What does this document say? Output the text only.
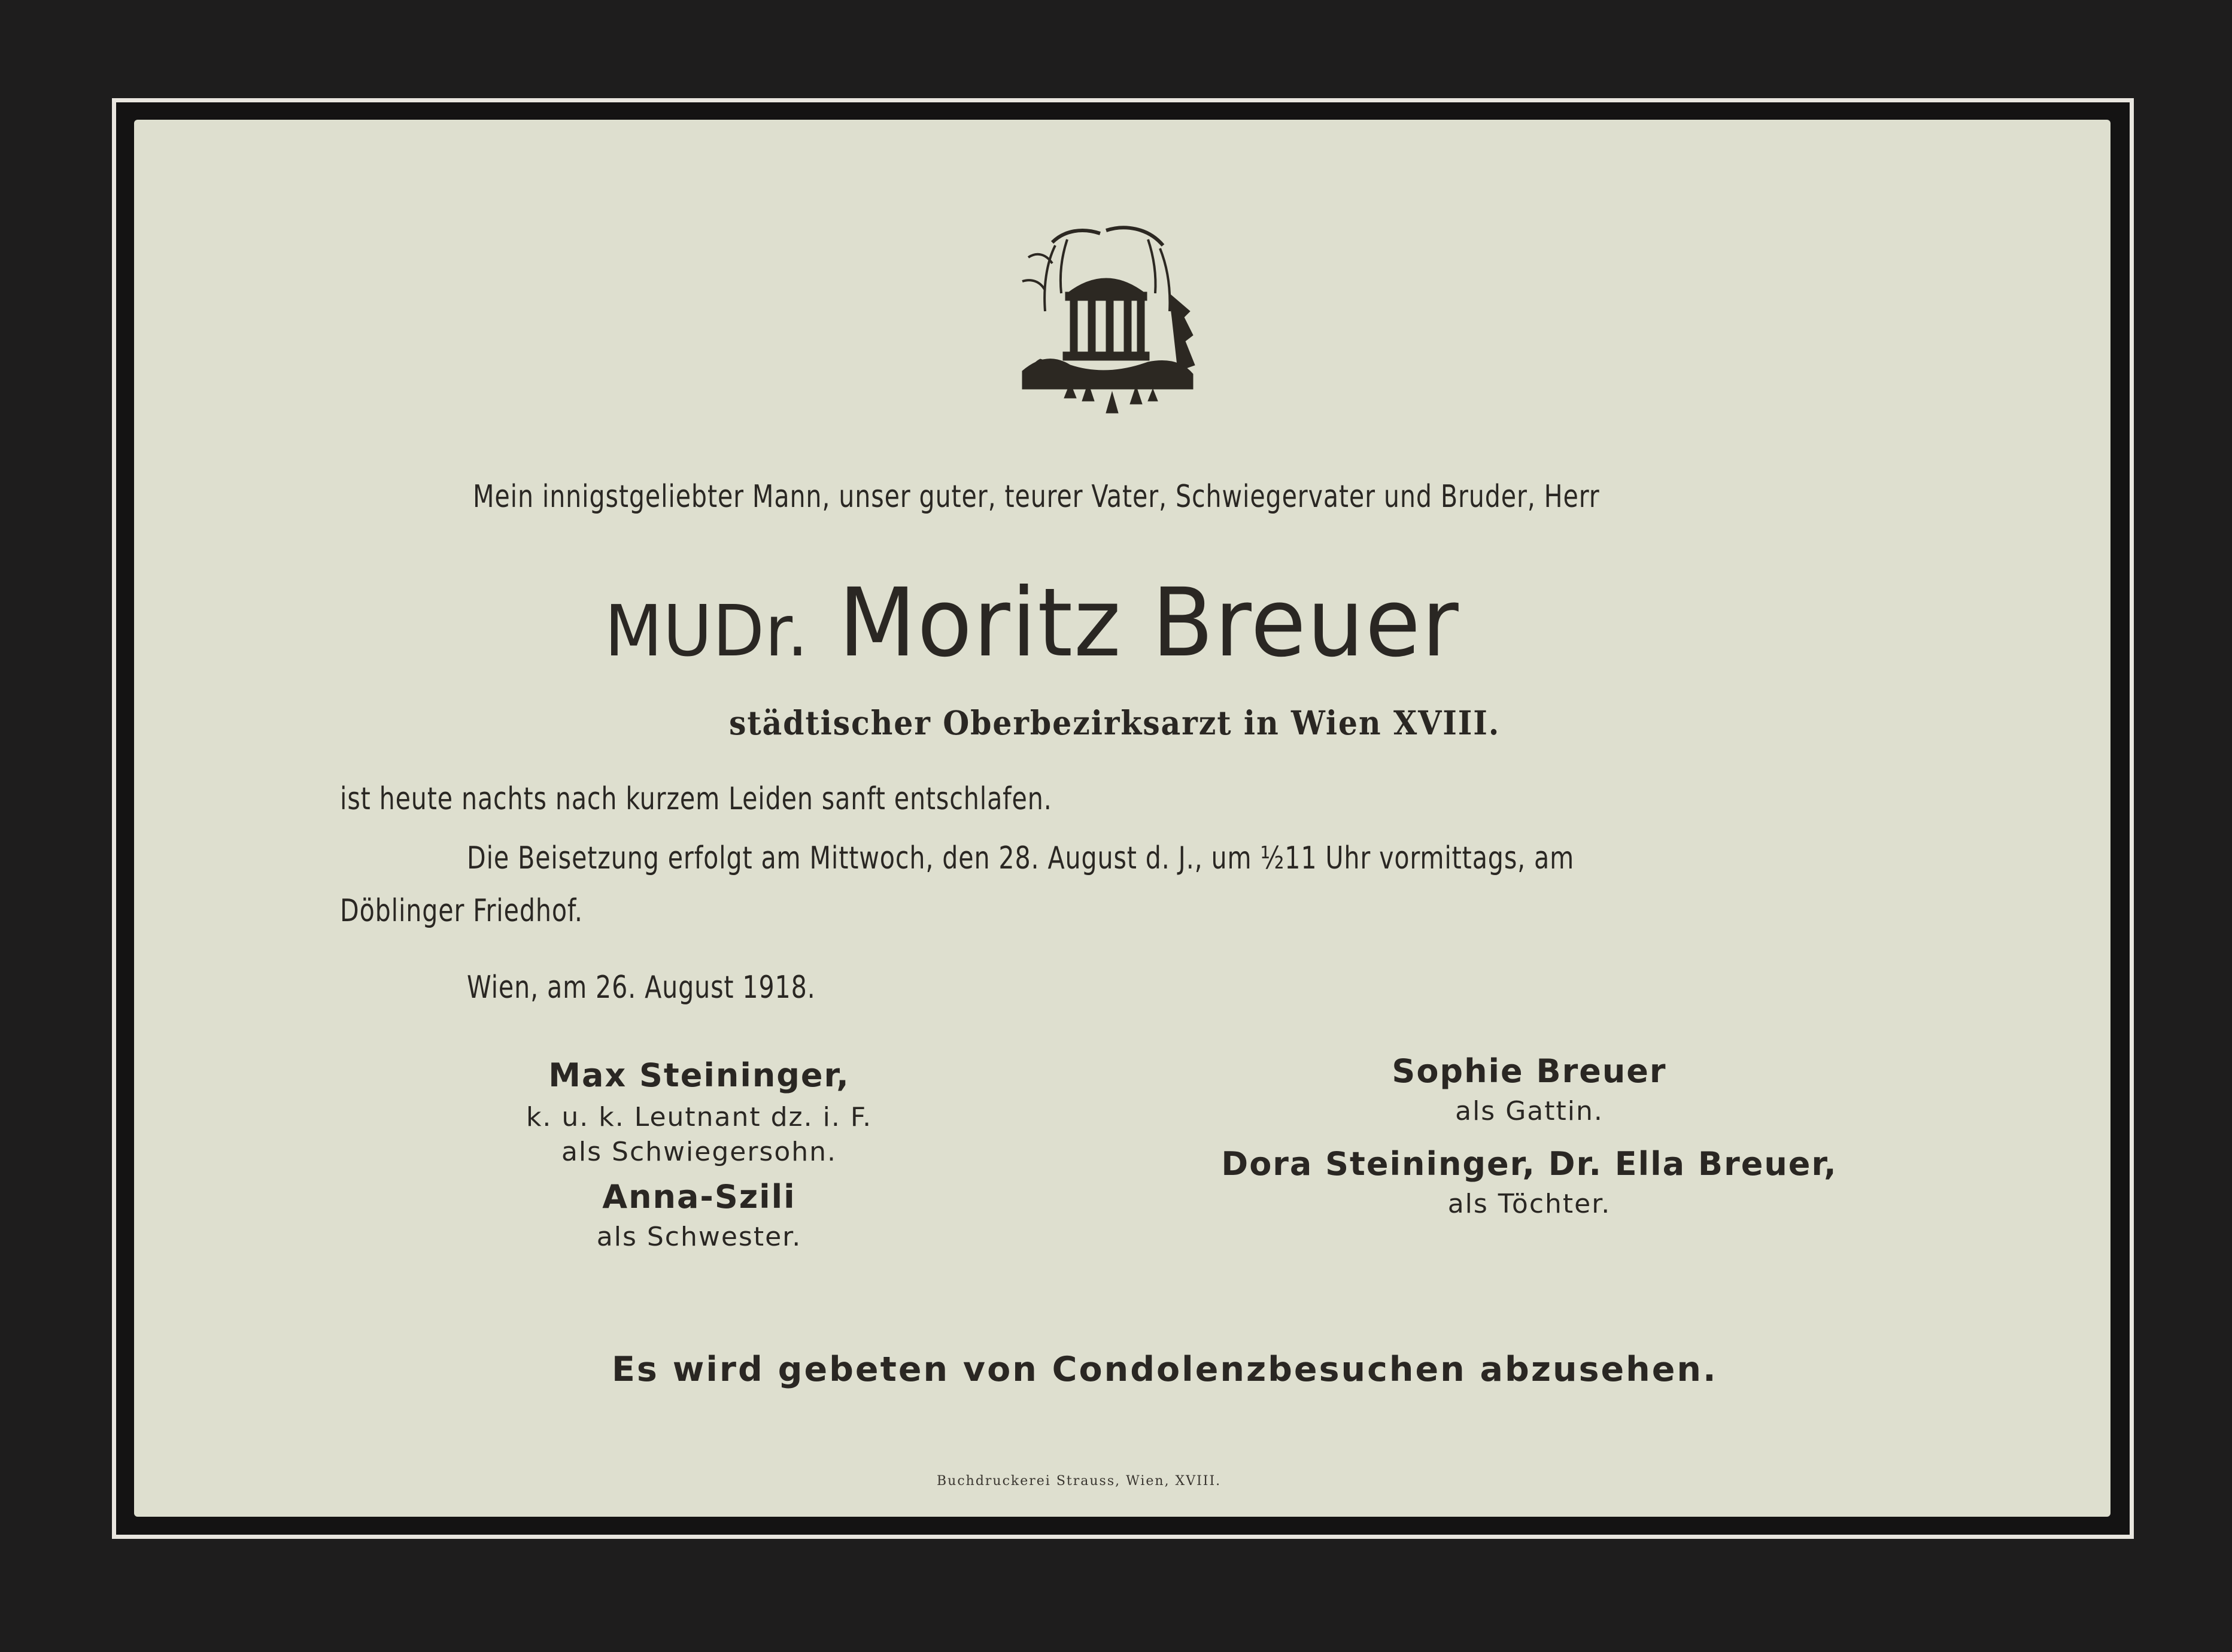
Mein innigstgeliebter Mann, unser guter, teurer Vater, Schwiegervater und Bruder, Herr
MUDr. Moritz Breuer
städtischer Oberbezirksarzt in Wien XVIII.
ist heute nachts nach kurzem Leiden sanft entschlafen.
Die Beisetzung erfolgt am Mittwoch, den 28. August d. J., um ½11 Uhr vormittags, am
Döblinger Friedhof.
Wien, am 26. August 1918.
Max Steininger,
k. u. k. Leutnant dz. i. F.
als Schwiegersohn.
Anna-Szili
als Schwester.
Sophie Breuer
als Gattin.
Dora Steininger, Dr. Ella Breuer,
als Töchter.
Es wird gebeten von Condolenzbesuchen abzusehen.
Buchdruckerei Strauss, Wien, XVIII.
